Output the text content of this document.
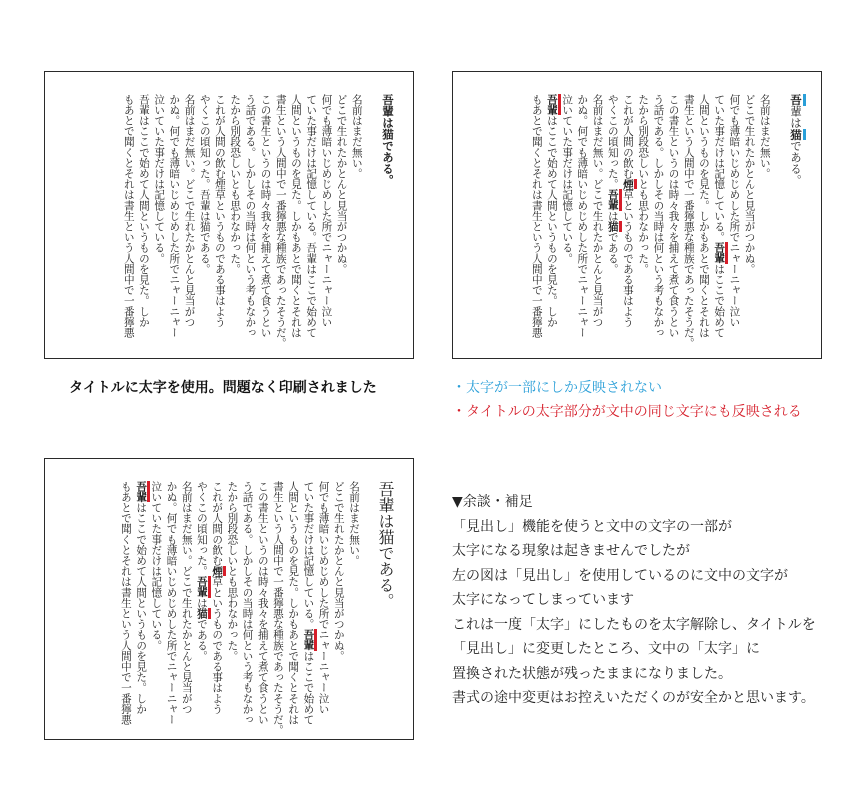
吾輩は猫である。
名前はまだ無い。
どこで生れたかとんと見当がつかぬ。
何でも薄暗いじめじめした所でニャーニャー泣い
ていた事だけは記憶している。吾輩はここで始めて
人間というものを見た。しかもあとで聞くとそれは
書生という人間中で一番獰悪な種族であったそうだ。
この書生というのは時々我々を捕えて煮て食うとい
う話である。しかしその当時は何という考もなかっ
たから別段恐しいとも思わなかった。
これが人間の飲む煙草というものである事はよう
やくこの頃知った。吾輩は猫である。
名前はまだ無い。どこで生れたかとんと見当がつ
かぬ。何でも薄暗いじめじめした所でニャーニャー
泣いていた事だけは記憶している。
吾輩はここで始めて人間というものを見た。しか
もあとで聞くとそれは書生という人間中で一番獰悪
タイトルに太字を使用。問題なく印刷されました
吾輩は猫である。
名前はまだ無い。
どこで生れたかとんと見当がつかぬ。
何でも薄暗いじめじめした所でニャーニャー泣い
ていた事だけは記憶している。吾輩はここで始めて
人間というものを見た。しかもあとで聞くとそれは
書生という人間中で一番獰悪な種族であったそうだ。
この書生というのは時々我々を捕えて煮て食うとい
う話である。しかしその当時は何という考もなかっ
たから別段恐しいとも思わなかった。
これが人間の飲む煙草というものである事はよう
やくこの頃知った。吾輩は猫である。
名前はまだ無い。どこで生れたかとんと見当がつ
かぬ。何でも薄暗いじめじめした所でニャーニャー
泣いていた事だけは記憶している。
吾輩はここで始めて人間というものを見た。しか
もあとで聞くとそれは書生という人間中で一番獰悪
・太字が一部にしか反映されない
・タイトルの太字部分が文中の同じ文字にも反映される
吾輩は猫である。
名前はまだ無い。
どこで生れたかとんと見当がつかぬ。
何でも薄暗いじめじめした所でニャーニャー泣い
ていた事だけは記憶している。吾輩はここで始めて
人間というものを見た。しかもあとで聞くとそれは
書生という人間中で一番獰悪な種族であったそうだ。
この書生というのは時々我々を捕えて煮て食うとい
う話である。しかしその当時は何という考もなかっ
たから別段恐しいとも思わなかった。
これが人間の飲む煙草というものである事はよう
やくこの頃知った。吾輩は猫である。
名前はまだ無い。どこで生れたかとんと見当がつ
かぬ。何でも薄暗いじめじめした所でニャーニャー
泣いていた事だけは記憶している。
吾輩はここで始めて人間というものを見た。しか
もあとで聞くとそれは書生という人間中で一番獰悪	▼余談・補足
「見出し」機能を使うと文中の文字の一部が
太字になる現象は起きませんでしたが
左の図は「見出し」を使用しているのに文中の文字が
太字になってしまっています
これは一度「太字」にしたものを太字解除し、タイトルを
「見出し」に変更したところ、文中の「太字」に
置換された状態が残ったままになりました。
書式の途中変更はお控えいただくのが安全かと思います。
